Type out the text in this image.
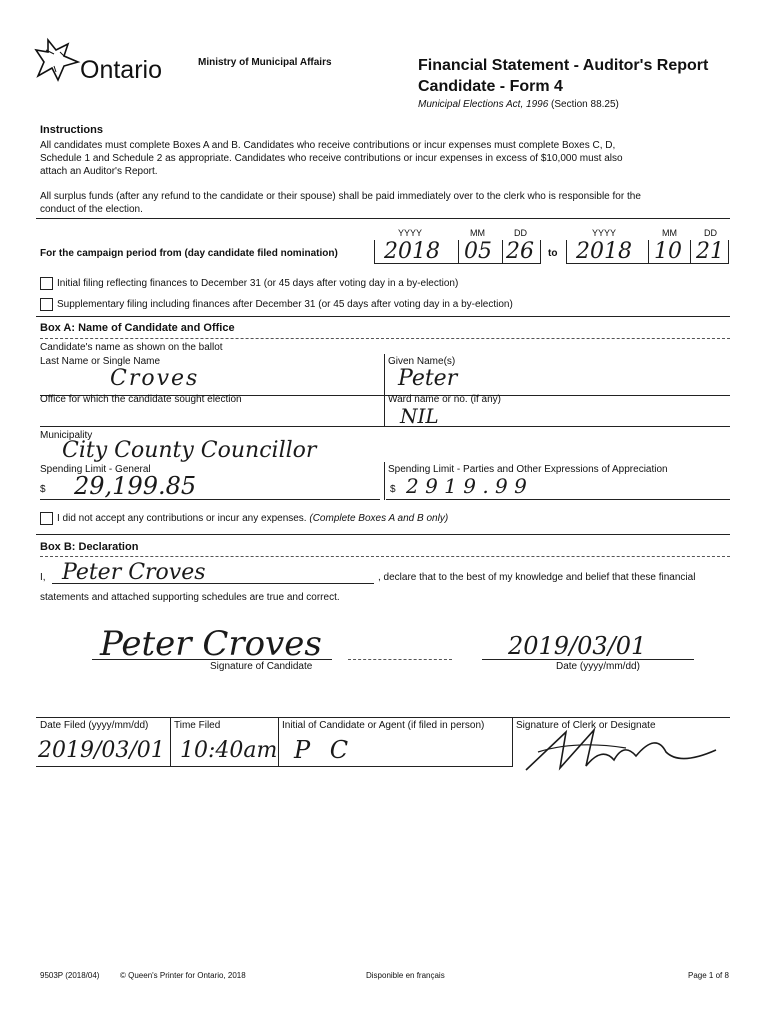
Ontario	Ministry of Municipal Affairs	Financial Statement - Auditor's Report
Candidate - Form 4
Municipal Elections Act, 1996 (Section 88.25)
Instructions
All candidates must complete Boxes A and B. Candidates who receive contributions or incur expenses must complete Boxes C, D,
Schedule 1 and Schedule 2 as appropriate. Candidates who receive contributions or incur expenses in excess of $10,000 must also
attach an Auditor's Report.
All surplus funds (after any refund to the candidate or their spouse) shall be paid immediately over to the clerk who is responsible for the
conduct of the election.
YYYY	MM	DD	YYYY	MM	DD
For the campaign period from (day candidate filed nomination) 2018 05 26 to 2018 10 21
Initial filing reflecting finances to December 31 (or 45 days after voting day in a by-election)
Supplementary filing including finances after December 31 (or 45 days after voting day in a by-election)
Box A: Name of Candidate and Office
Candidate's name as shown on the ballot
Last Name or Single Name
Croves
Given Name(s)
Peter
Office for which the candidate sought election	Ward name or no. (if any)
NIL
Municipality
City County Councillor
Spending Limit - General
$ 29,199.85
Spending Limit - Parties and Other Expressions of Appreciation
$ 2 9 1 9 . 9 9
I did not accept any contributions or incur any expenses. (Complete Boxes A and B only)
Box B: Declaration
I, Peter Croves	, declare that to the best of my knowledge and belief that these financial
statements and attached supporting schedules are true and correct.
Peter Croves
Signature of Candidate
2019/03/01
Date (yyyy/mm/dd)
Date Filed (yyyy/mm/dd)
2019/03/01
Time Filed
10:40am
Initial of Candidate or Agent (if filed in person)
P C
Signature of Clerk or Designate
9503P (2018/04)	© Queen's Printer for Ontario, 2018	Disponible en français	Page 1 of 8
